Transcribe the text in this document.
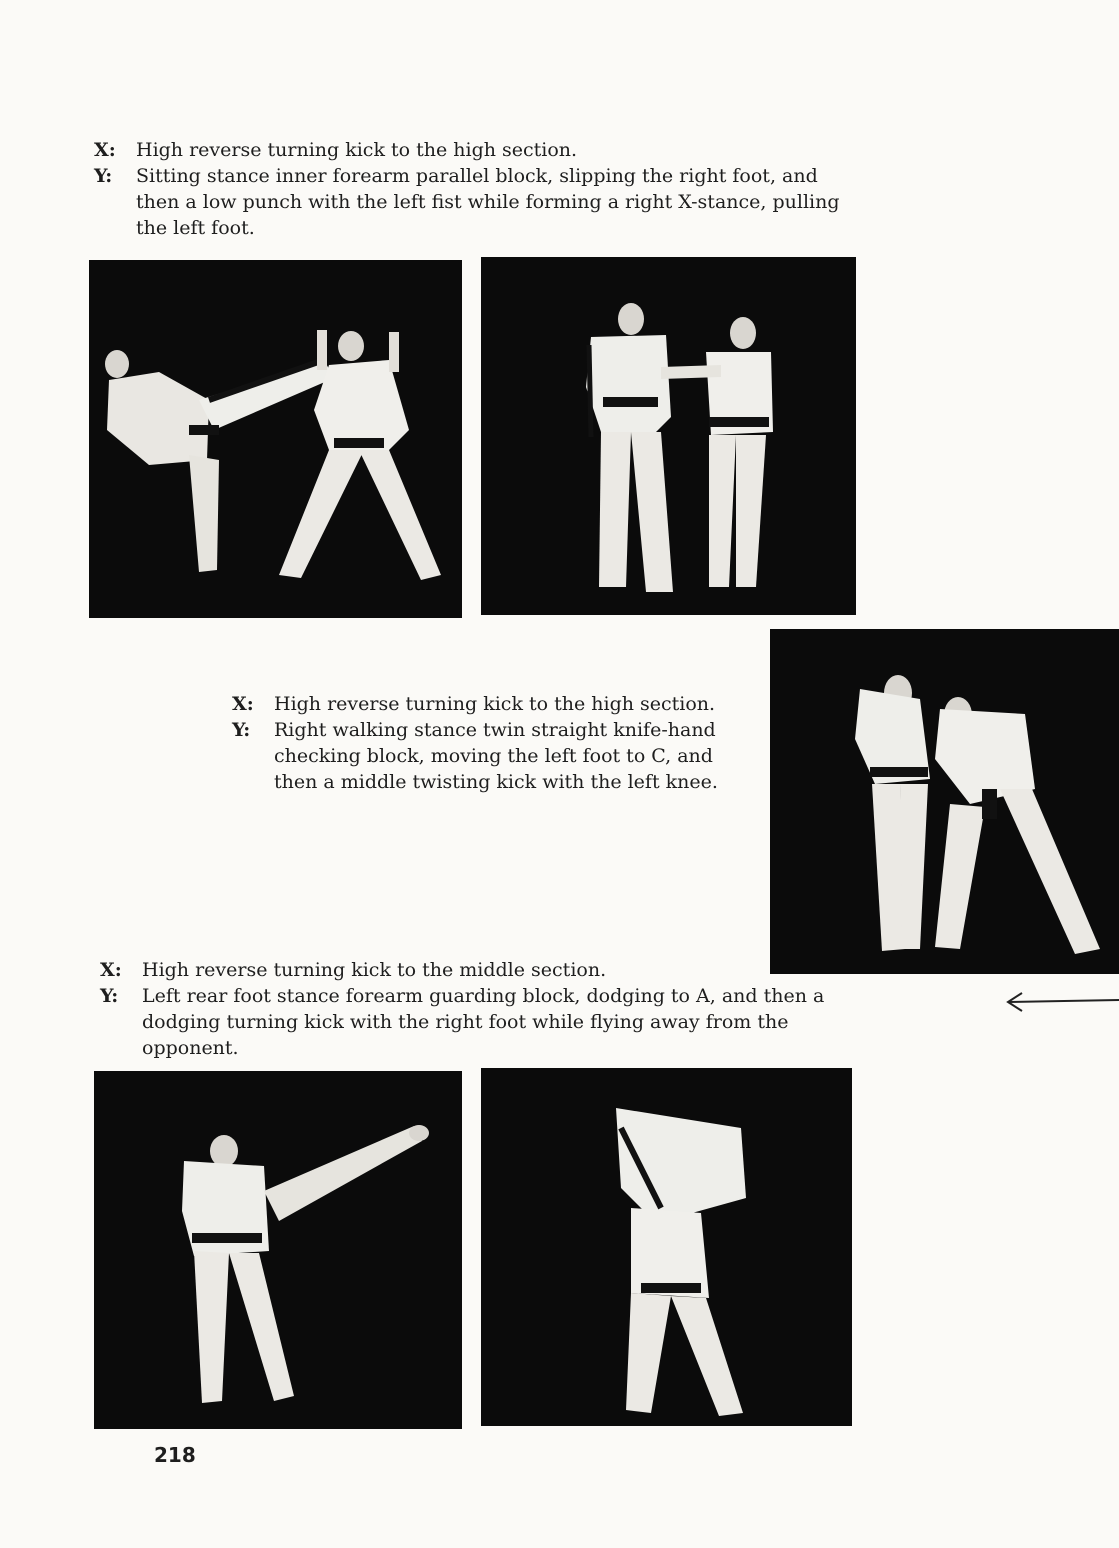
X:	High reverse turning kick to the high section.
Y:	Sitting stance inner forearm parallel block, slipping the right foot, and then a low punch with the left fist while forming a right X-stance, pulling the left foot.
X:	High reverse turning kick to the high section.
Y:	Right walking stance twin straight knife-hand checking block, moving the left foot to C, and then a middle twisting kick with the left knee.
X:	High reverse turning kick to the middle section.
Y:	Left rear foot stance forearm guarding block, dodging to A, and then a dodging turning kick with the right foot while flying away from the opponent.
218
